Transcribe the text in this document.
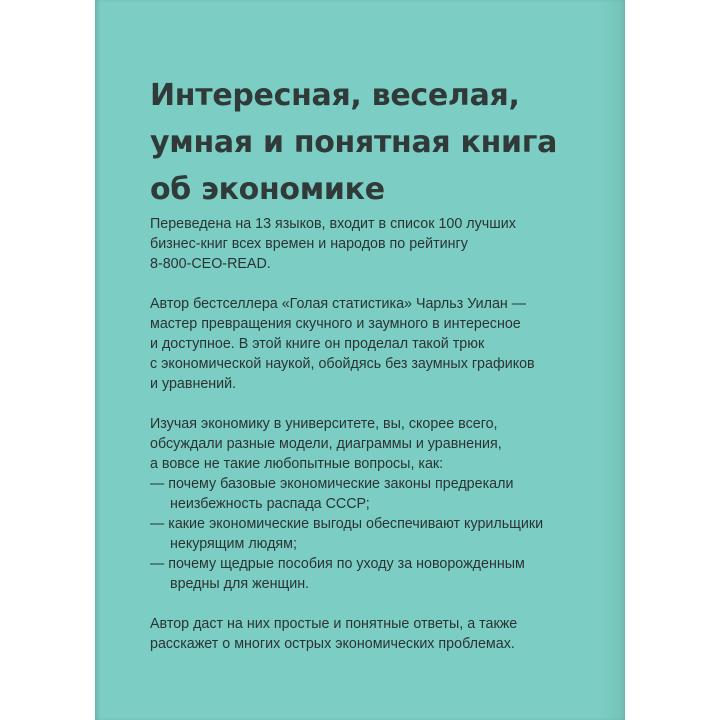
Интересная, веселая,
умная и понятная книга
об экономике

Переведена на 13 языков, входит в список 100 лучших
бизнес-книг всех времен и народов по рейтингу
8-800-CEO-READ.

Автор бестселлера «Голая статистика» Чарльз Уилан —
мастер превращения скучного и заумного в интересное
и доступное. В этой книге он проделал такой трюк
с экономической наукой, обойдясь без заумных графиков
и уравнений.

Изучая экономику в университете, вы, скорее всего,
обсуждали разные модели, диаграммы и уравнения,
а вовсе не такие любопытные вопросы, как:
— почему базовые экономические законы предрекали
неизбежность распада СССР;
— какие экономические выгоды обеспечивают курильщики
некурящим людям;
— почему щедрые пособия по уходу за новорожденным
вредны для женщин.

Автор даст на них простые и понятные ответы, а также
расскажет о многих острых экономических проблемах.
